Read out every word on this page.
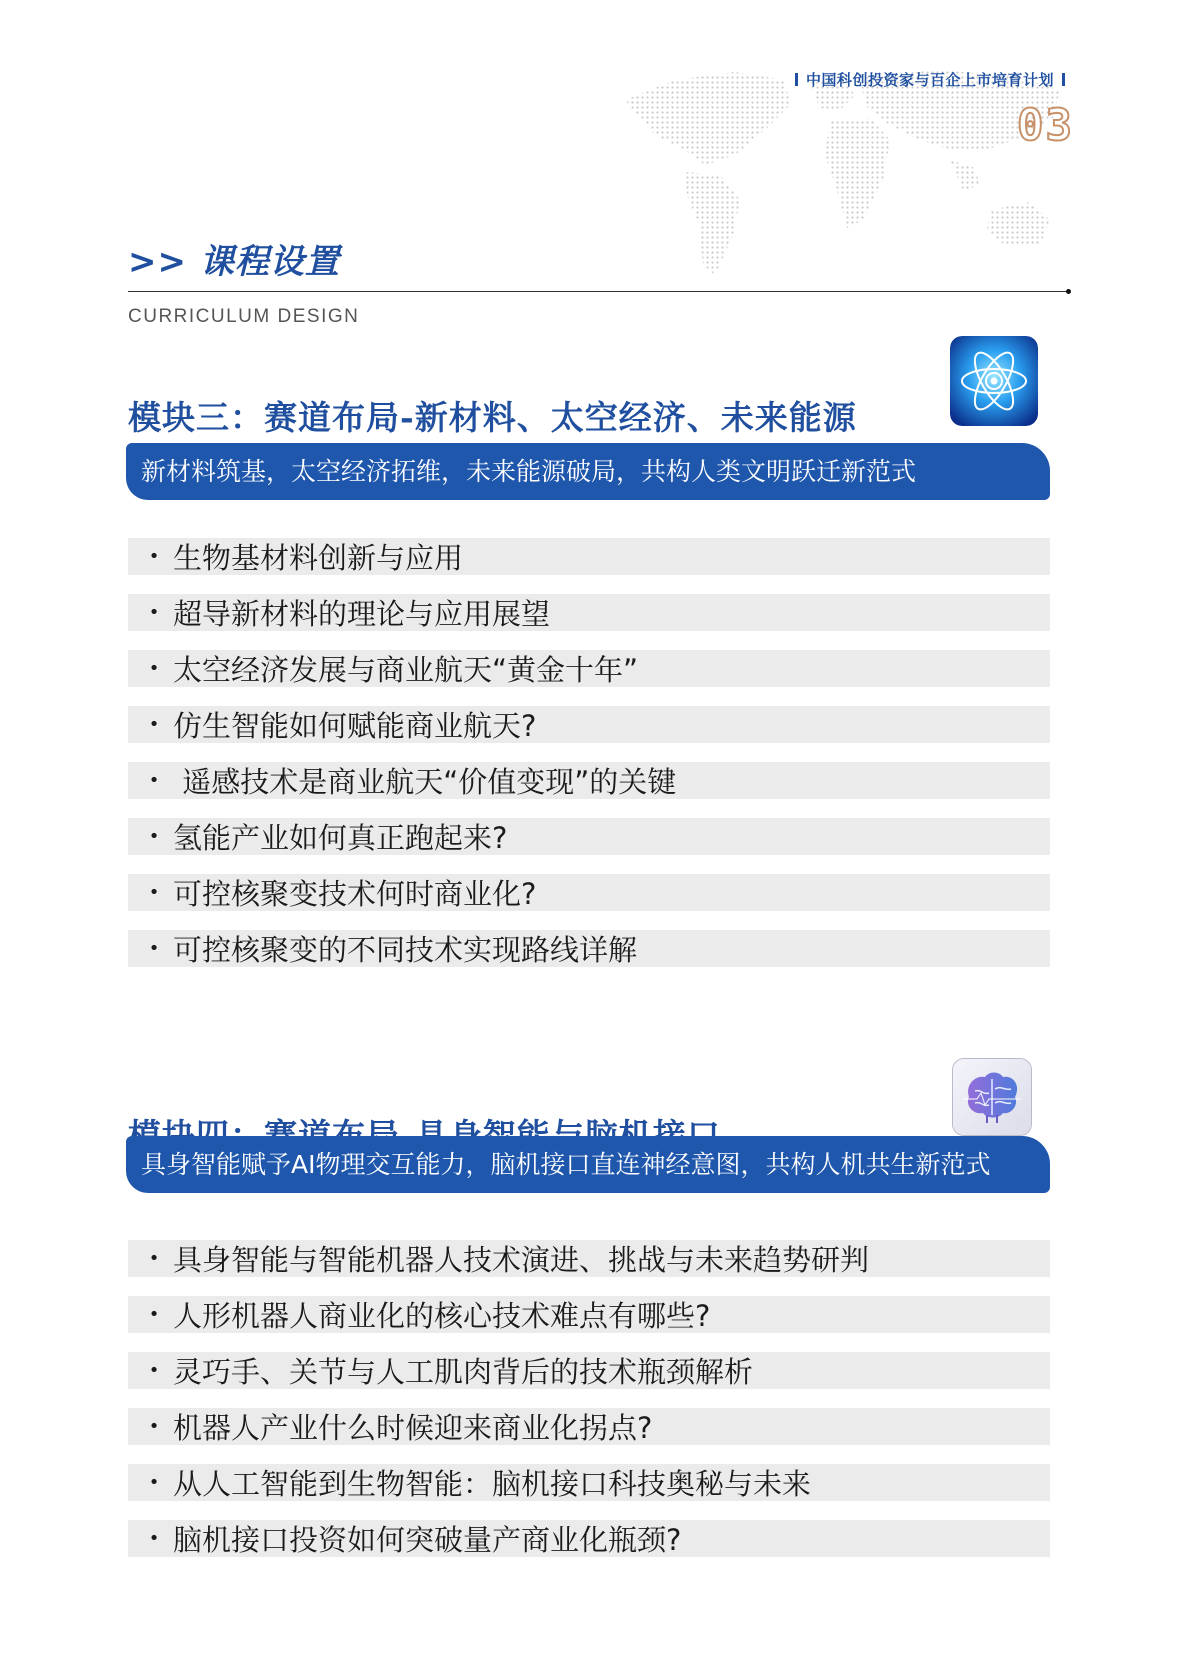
中国科创投资家与百企上市培育计划
03
>> 课程设置
CURRICULUM DESIGN
模块三：赛道布局-新材料、太空经济、未来能源
新材料筑基，太空经济拓维，未来能源破局，共构人类文明跃迁新范式
• 生物基材料创新与应用
• 超导新材料的理论与应用展望
• 太空经济发展与商业航天“黄金十年”
• 仿生智能如何赋能商业航天?
• 遥感技术是商业航天“价值变现”的关键
• 氢能产业如何真正跑起来?
• 可控核聚变技术何时商业化?
• 可控核聚变的不同技术实现路线详解
具身智能赋予AI物理交互能力，脑机接口直连神经意图，共构人机共生新范式
• 具身智能与智能机器人技术演进、挑战与未来趋势研判
• 人形机器人商业化的核心技术难点有哪些?
• 灵巧手、关节与人工肌肉背后的技术瓶颈解析
• 机器人产业什么时候迎来商业化拐点?
• 从人工智能到生物智能：脑机接口科技奥秘与未来
• 脑机接口投资如何突破量产商业化瓶颈?
